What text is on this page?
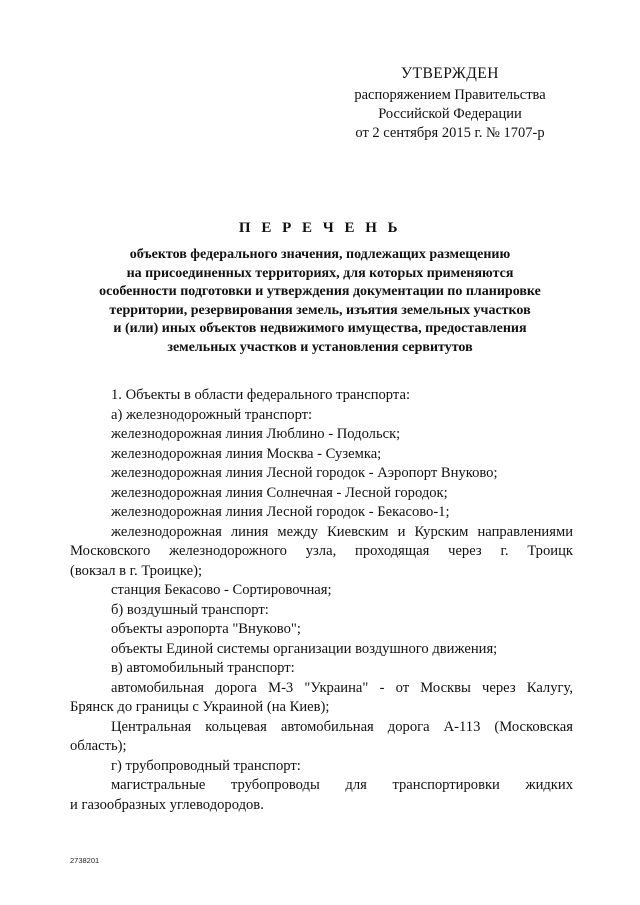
УТВЕРЖДЕН
распоряжением Правительства
Российской Федерации
от 2 сентября 2015 г. № 1707-р
П Е Р Е Ч Е Н Ь
объектов федерального значения, подлежащих размещению
на присоединенных территориях, для которых применяются
особенности подготовки и утверждения документации по планировке
территории, резервирования земель, изъятия земельных участков
и (или) иных объектов недвижимого имущества, предоставления
земельных участков и установления сервитутов
1. Объекты в области федерального транспорта:
а) железнодорожный транспорт:
железнодорожная линия Люблино - Подольск;
железнодорожная линия Москва - Суземка;
железнодорожная линия Лесной городок - Аэропорт Внуково;
железнодорожная линия Солнечная - Лесной городок;
железнодорожная линия Лесной городок - Бекасово-1;
железнодорожная линия между Киевским и Курским направлениями
Московского железнодорожного узла, проходящая через г. Троицк
(вокзал в г. Троицке);
станция Бекасово - Сортировочная;
б) воздушный транспорт:
объекты аэропорта "Внуково";
объекты Единой системы организации воздушного движения;
в) автомобильный транспорт:
автомобильная дорога М-3 "Украина" - от Москвы через Калугу,
Брянск до границы с Украиной (на Киев);
Центральная кольцевая автомобильная дорога А-113 (Московская
область);
г) трубопроводный транспорт:
магистральные трубопроводы для транспортировки жидких
и газообразных углеводородов.
2738201
